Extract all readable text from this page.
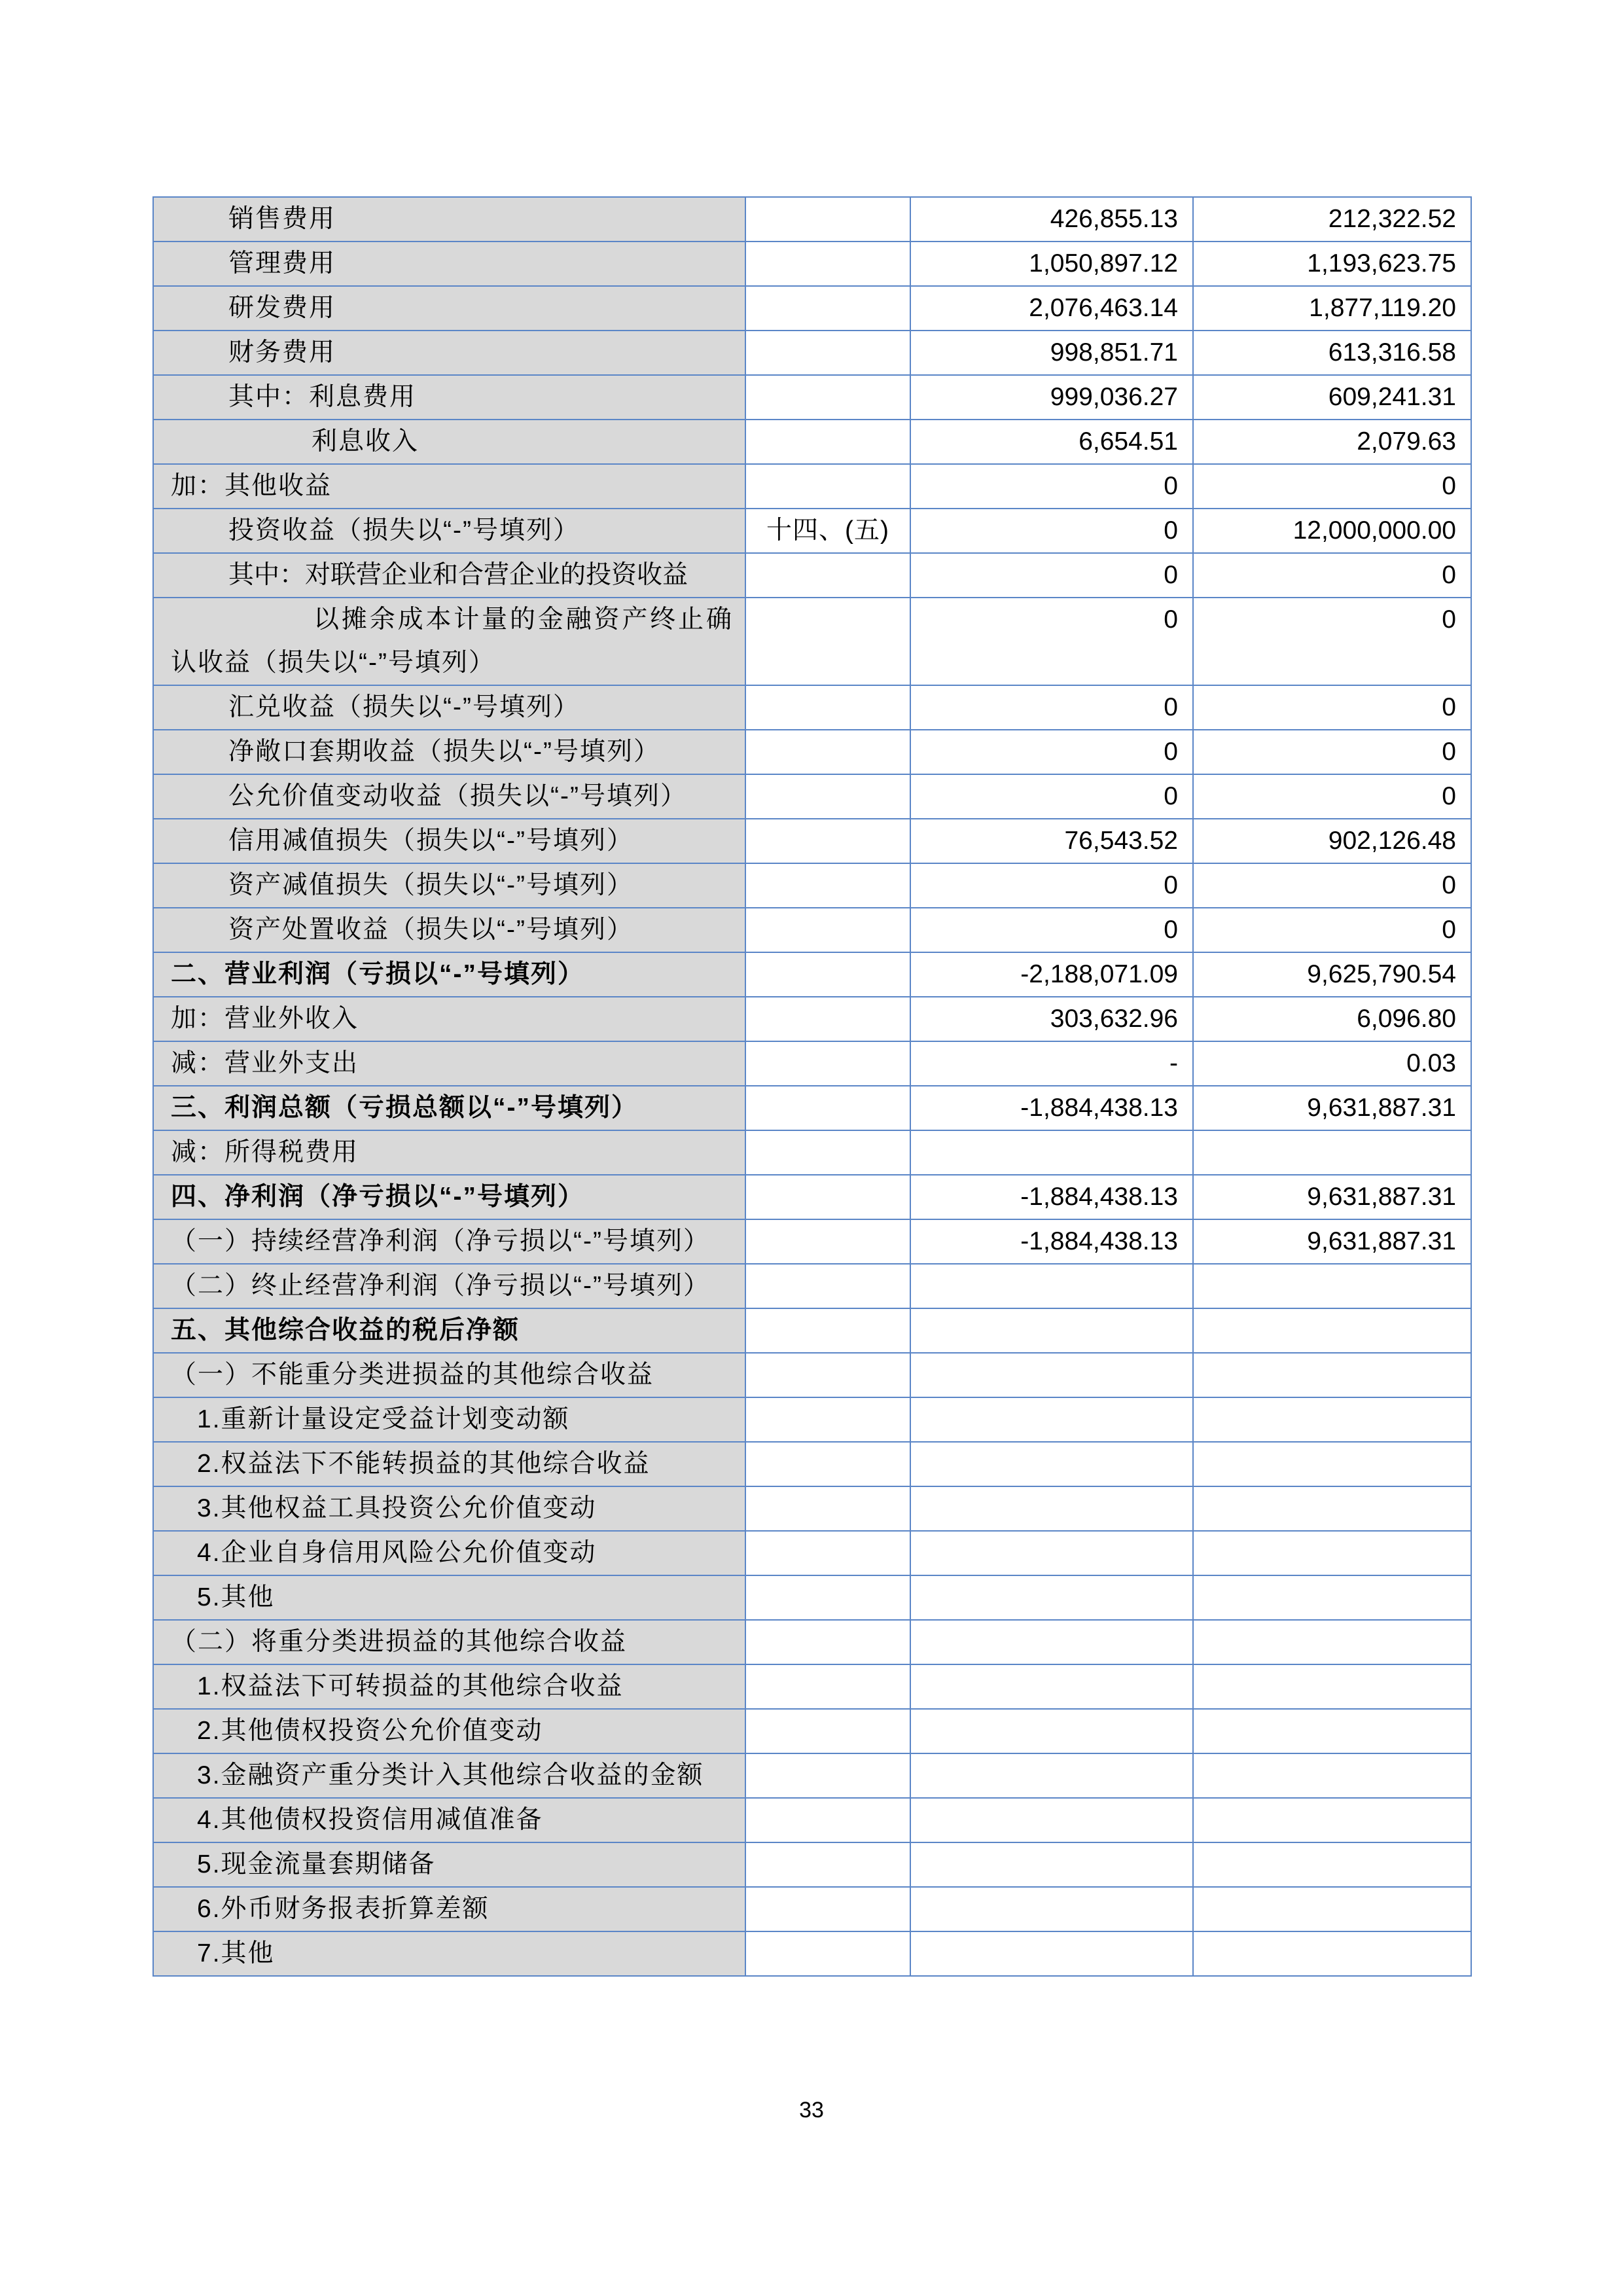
销售费用		426,855.13	212,322.52
管理费用		1,050,897.12	1,193,623.75
研发费用		2,076,463.14	1,877,119.20
财务费用		998,851.71	613,316.58
其中：利息费用		999,036.27	609,241.31
利息收入		6,654.51	2,079.63
加：其他收益		0	0
投资收益（损失以“-”号填列）	十四、(五)	0	12,000,000.00
其中：对联营企业和合营企业的投资收益		0	0
以摊余成本计量的金融资产终止确认收益（损失以“-”号填列）		0	0
汇兑收益（损失以“-”号填列）		0	0
净敞口套期收益（损失以“-”号填列）		0	0
公允价值变动收益（损失以“-”号填列）		0	0
信用减值损失（损失以“-”号填列）		76,543.52	902,126.48
资产减值损失（损失以“-”号填列）		0	0
资产处置收益（损失以“-”号填列）		0	0
二、营业利润（亏损以“-”号填列）		-2,188,071.09	9,625,790.54
加：营业外收入		303,632.96	6,096.80
减：营业外支出		-	0.03
三、利润总额（亏损总额以“-”号填列）		-1,884,438.13	9,631,887.31
减：所得税费用			
四、净利润（净亏损以“-”号填列）		-1,884,438.13	9,631,887.31
（一）持续经营净利润（净亏损以“-”号填列）		-1,884,438.13	9,631,887.31
（二）终止经营净利润（净亏损以“-”号填列）			
五、其他综合收益的税后净额			
（一）不能重分类进损益的其他综合收益			
1.重新计量设定受益计划变动额			
2.权益法下不能转损益的其他综合收益			
3.其他权益工具投资公允价值变动			
4.企业自身信用风险公允价值变动			
5.其他			
（二）将重分类进损益的其他综合收益			
1.权益法下可转损益的其他综合收益			
2.其他债权投资公允价值变动			
3.金融资产重分类计入其他综合收益的金额			
4.其他债权投资信用减值准备			
5.现金流量套期储备			
6.外币财务报表折算差额			
7.其他			
33
